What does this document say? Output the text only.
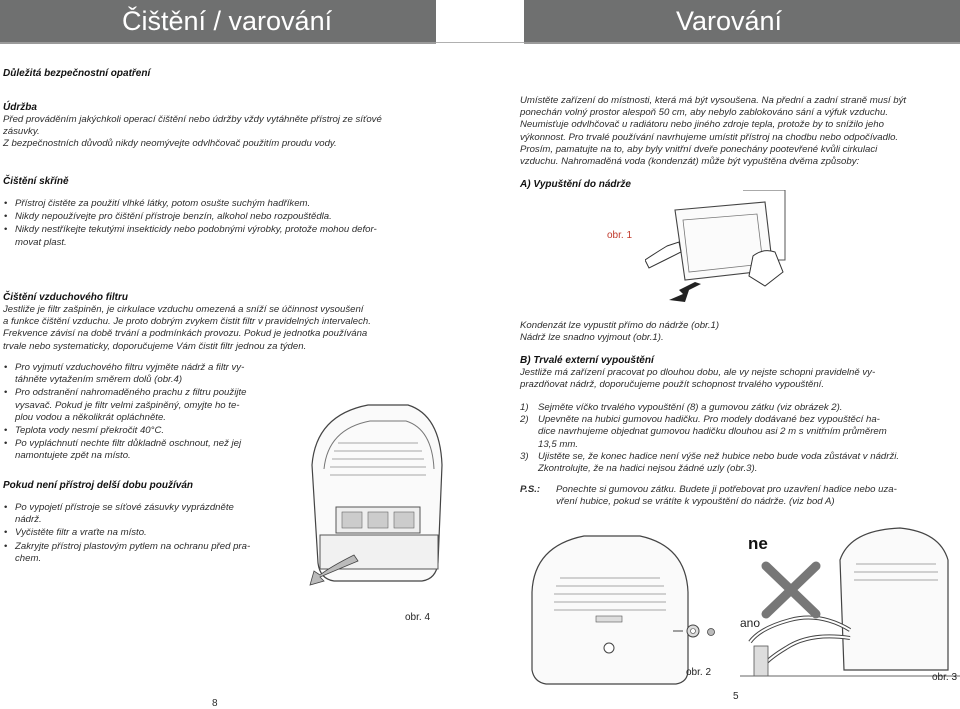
Čištění / varování	Varování
Důležitá bezpečnostní opatření
Údržba
Před prováděním jakýchkoli operací čištění nebo údržby vždy vytáhněte přístroj ze síťové
zásuvky.
Z bezpečnostních důvodů nikdy neomývejte odvlhčovač použitím proudu vody.
Čištění skříně
• Přístroj čistěte za použití vlhké látky, potom osušte suchým hadříkem.
• Nikdy nepoužívejte pro čištění přístroje benzín, alkohol nebo rozpouštědla.
• Nikdy nestříkejte tekutými insekticidy nebo podobnými výrobky, protože mohou defor-
movat plast.
Čištění vzduchového filtru
Jestliže je filtr zašpiněn, je cirkulace vzduchu omezená a sníží se účinnost vysoušení
a funkce čištění vzduchu. Je proto dobrým zvykem čistit filtr v pravidelných intervalech.
Frekvence závisí na době trvání a podmínkách provozu. Pokud je jednotka používána
trvale nebo systematicky, doporučujeme Vám čistit filtr jednou za týden.
• Pro vyjmutí vzduchového filtru vyjměte nádrž a filtr vy-
táhněte vytažením směrem dolů (obr.4)
• Pro odstranění nahromaděného prachu z filtru použijte
vysavač. Pokud je filtr velmi zašpiněný, omyjte ho te-
plou vodou a několikrát opláchněte.
• Teplota vody nesmí překročit 40°C.
• Po vypláchnutí nechte filtr důkladně oschnout, než jej
namontujete zpět na místo.
Pokud není přístroj delší dobu používán
• Po vypojetí přístroje se síťové zásuvky vyprázdněte
nádrž.
• Vyčistěte filtr a vraťte na místo.
• Zakryjte přístroj plastovým pytlem na ochranu před pra-
chem.
obr. 4
8
Umístěte zařízení do místnosti, která má být vysoušena. Na přední a zadní straně musí být
ponechán volný prostor alespoň 50 cm, aby nebylo zablokováno sání a výfuk vzduchu.
Neumisťuje odvlhčovač u radiátoru nebo jiného zdroje tepla, protože by to snížilo jeho
výkonnost. Pro trvalé používání navrhujeme umístit přístroj na chodbu nebo odpočívadlo.
Prosím, pamatujte na to, aby byly vnitřní dveře ponechány pootevřené kvůli cirkulaci
vzduchu. Nahromaděná voda (kondenzát) může být vypuštěna dvěma způsoby:
A) Vypuštění do nádrže
obr. 1
Kondenzát lze vypustit přímo do nádrže (obr.1)
Nádrž lze snadno vyjmout (obr.1).
B) Trvalé externí vypouštění
Jestliže má zařízení pracovat po dlouhou dobu, ale vy nejste schopni pravidelně vy-
prazdňovat nádrž, doporučujeme použít schopnost trvalého vypouštění.
1) Sejměte víčko trvalého vypouštění (8) a gumovou zátku (viz obrázek 2).
2) Upevněte na hubici gumovou hadičku. Pro modely dodávané bez vypouštěcí ha-
dice navrhujeme objednat gumovou hadičku dlouhou asi 2 m s vnitřním průměrem
13,5 mm.
3) Ujistěte se, že konec hadice není výše než hubice nebo bude voda zůstávat v nádrži.
Zkontrolujte, že na hadici nejsou žádné uzly (obr.3).
P.S.:	Ponechte si gumovou zátku. Budete ji potřebovat pro uzavření hadice nebo uza-
vření hubice, pokud se vrátíte k vypouštění do nádrže. (viz bod A)
ne
ano
obr. 2	obr. 3
5
